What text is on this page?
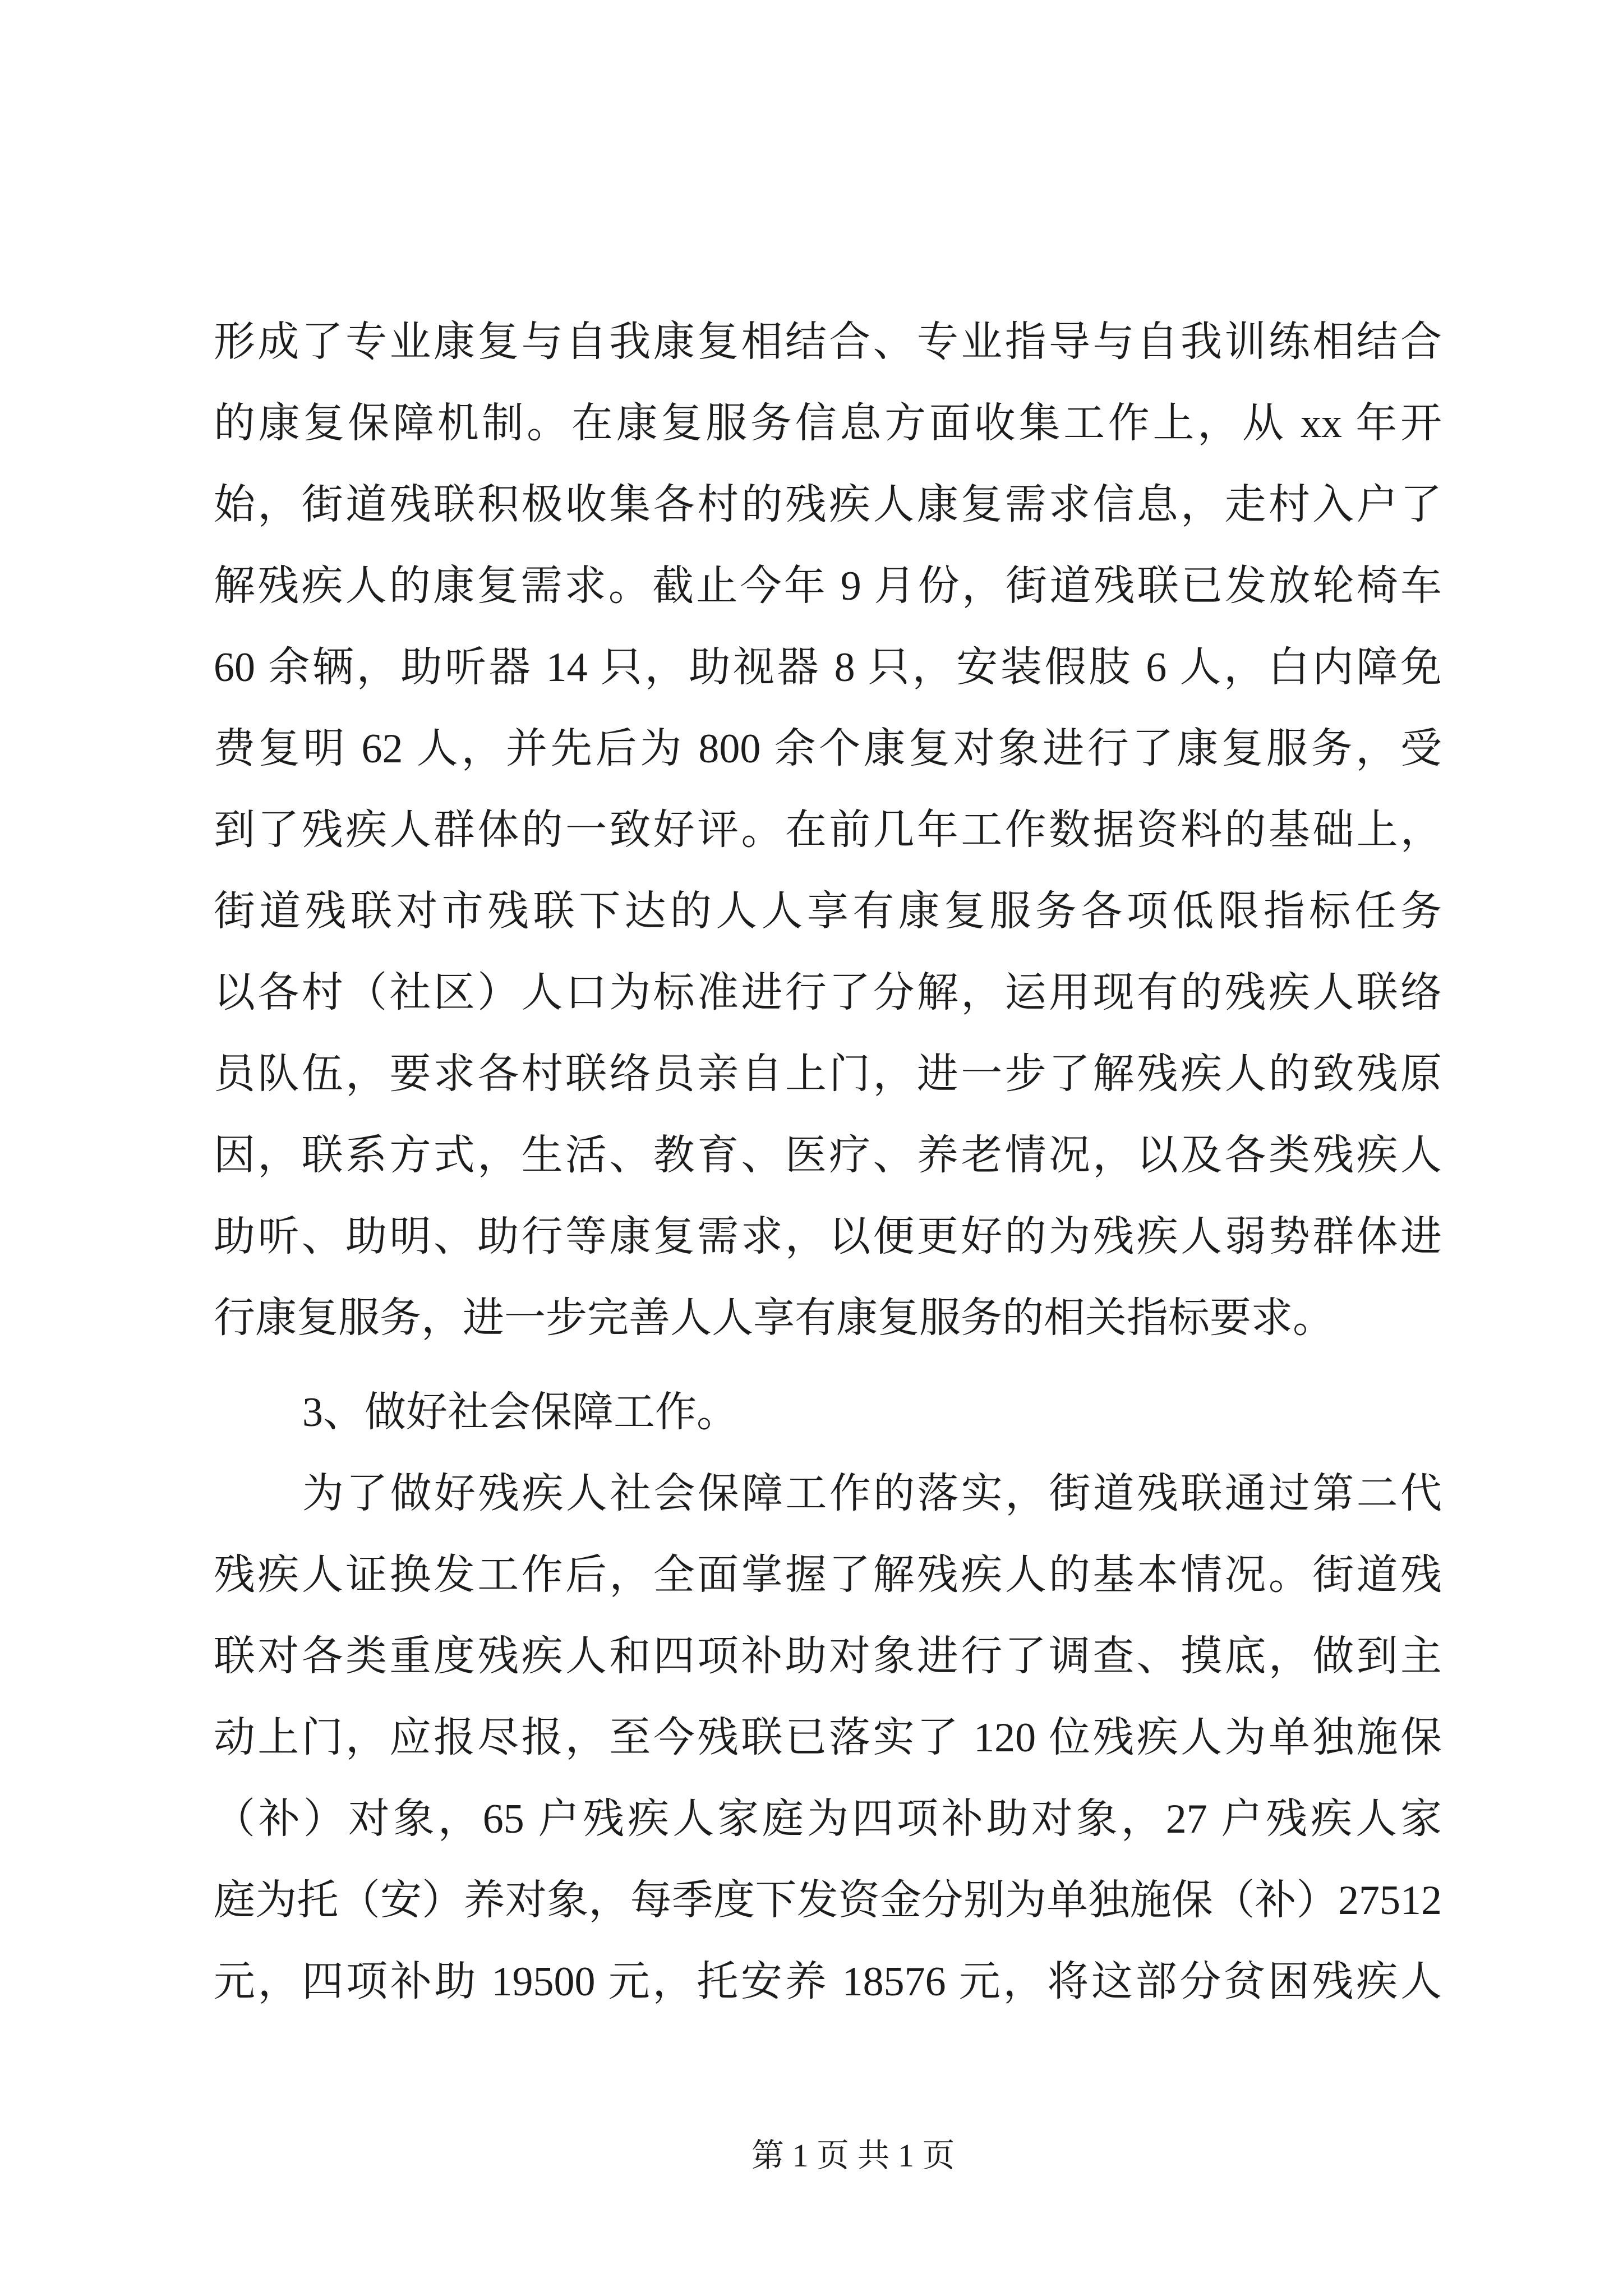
形成了专业康复与自我康复相结合、专业指导与自我训练相结合
的康复保障机制。在康复服务信息方面收集工作上，从 xx 年开
始，街道残联积极收集各村的残疾人康复需求信息，走村入户了
解残疾人的康复需求。截止今年 9 月份，街道残联已发放轮椅车
60 余辆，助听器 14 只，助视器 8 只，安装假肢 6 人，白内障免
费复明 62 人，并先后为 800 余个康复对象进行了康复服务，受
到了残疾人群体的一致好评。在前几年工作数据资料的基础上，
街道残联对市残联下达的人人享有康复服务各项低限指标任务
以各村（社区）人口为标准进行了分解，运用现有的残疾人联络
员队伍，要求各村联络员亲自上门，进一步了解残疾人的致残原
因，联系方式，生活、教育、医疗、养老情况，以及各类残疾人
助听、助明、助行等康复需求，以便更好的为残疾人弱势群体进
行康复服务，进一步完善人人享有康复服务的相关指标要求。
3、做好社会保障工作。
为了做好残疾人社会保障工作的落实，街道残联通过第二代
残疾人证换发工作后，全面掌握了解残疾人的基本情况。街道残
联对各类重度残疾人和四项补助对象进行了调查、摸底，做到主
动上门，应报尽报，至今残联已落实了 120 位残疾人为单独施保
（补）对象，65 户残疾人家庭为四项补助对象，27 户残疾人家
庭为托（安）养对象，每季度下发资金分别为单独施保（补）27512
元，四项补助 19500 元，托安养 18576 元，将这部分贫困残疾人
第 1 页 共 1 页
